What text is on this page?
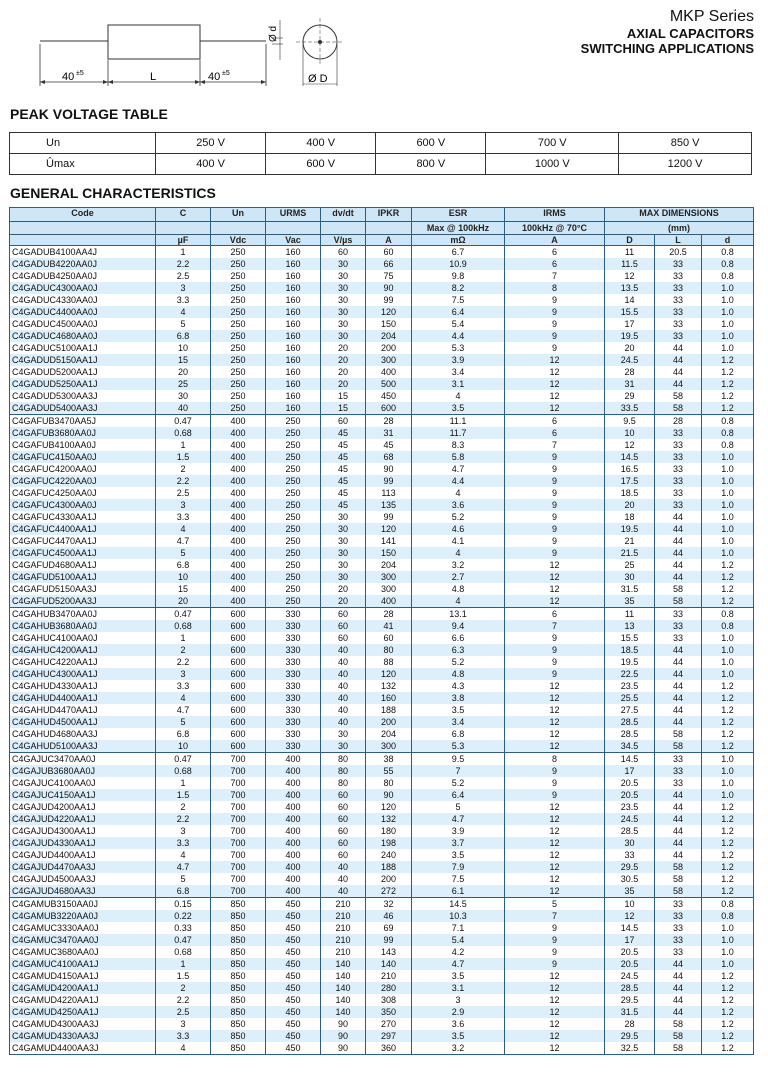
MKP Series
AXIAL CAPACITORS
SWITCHING APPLICATIONS
40 ±5	L	40 ±5
Ø d
Ø D
PEAK VOLTAGE TABLE
Un	250 V	400 V	600 V	700 V	850 V
Ûmax	400 V	600 V	800 V	1000 V	1200 V
GENERAL CHARACTERISTICS
Code	C	Un	URMS	dv/dt	IPKR	ESR	IRMS	MAX DIMENSIONS		

						Max @ 100kHz	100kHz @ 70°C	(mm)		
	µF	Vdc	Vac	V/µs	A	mΩ	A	D	L	d
C4GADUB4100AA4J	1	250	160	60	60	6.7	6	11	20.5	0.8
C4GADUB4220AA0J	2.2	250	160	30	66	10.9	6	11.5	33	0.8
C4GADUB4250AA0J	2.5	250	160	30	75	9.8	7	12	33	0.8
C4GADUC4300AA0J	3	250	160	30	90	8.2	8	13.5	33	1.0
C4GADUC4330AA0J	3.3	250	160	30	99	7.5	9	14	33	1.0
C4GADUC4400AA0J	4	250	160	30	120	6.4	9	15.5	33	1.0
C4GADUC4500AA0J	5	250	160	30	150	5.4	9	17	33	1.0
C4GADUC4680AA0J	6.8	250	160	30	204	4.4	9	19.5	33	1.0
C4GADUC5100AA1J	10	250	160	20	200	5.3	9	20	44	1.0
C4GADUD5150AA1J	15	250	160	20	300	3.9	12	24.5	44	1.2
C4GADUD5200AA1J	20	250	160	20	400	3.4	12	28	44	1.2
C4GADUD5250AA1J	25	250	160	20	500	3.1	12	31	44	1.2
C4GADUD5300AA3J	30	250	160	15	450	4	12	29	58	1.2
C4GADUD5400AA3J	40	250	160	15	600	3.5	12	33.5	58	1.2
C4GAFUB3470AA5J	0.47	400	250	60	28	11.1	6	9.5	28	0.8
C4GAFUB3680AA0J	0.68	400	250	45	31	11.7	6	10	33	0.8
C4GAFUB4100AA0J	1	400	250	45	45	8.3	7	12	33	0.8
C4GAFUC4150AA0J	1.5	400	250	45	68	5.8	9	14.5	33	1.0
C4GAFUC4200AA0J	2	400	250	45	90	4.7	9	16.5	33	1.0
C4GAFUC4220AA0J	2.2	400	250	45	99	4.4	9	17.5	33	1.0
C4GAFUC4250AA0J	2.5	400	250	45	113	4	9	18.5	33	1.0
C4GAFUC4300AA0J	3	400	250	45	135	3.6	9	20	33	1.0
C4GAFUC4330AA1J	3.3	400	250	30	99	5.2	9	18	44	1.0
C4GAFUC4400AA1J	4	400	250	30	120	4.6	9	19.5	44	1.0
C4GAFUC4470AA1J	4.7	400	250	30	141	4.1	9	21	44	1.0
C4GAFUC4500AA1J	5	400	250	30	150	4	9	21.5	44	1.0
C4GAFUD4680AA1J	6.8	400	250	30	204	3.2	12	25	44	1.2
C4GAFUD5100AA1J	10	400	250	30	300	2.7	12	30	44	1.2
C4GAFUD5150AA3J	15	400	250	20	300	4.8	12	31.5	58	1.2
C4GAFUD5200AA3J	20	400	250	20	400	4	12	35	58	1.2
C4GAHUB3470AA0J	0.47	600	330	60	28	13.1	6	11	33	0.8
C4GAHUB3680AA0J	0.68	600	330	60	41	9.4	7	13	33	0.8
C4GAHUC4100AA0J	1	600	330	60	60	6.6	9	15.5	33	1.0
C4GAHUC4200AA1J	2	600	330	40	80	6.3	9	18.5	44	1.0
C4GAHUC4220AA1J	2.2	600	330	40	88	5.2	9	19.5	44	1.0
C4GAHUC4300AA1J	3	600	330	40	120	4.8	9	22.5	44	1.0
C4GAHUD4330AA1J	3.3	600	330	40	132	4.3	12	23.5	44	1.2
C4GAHUD4400AA1J	4	600	330	40	160	3.8	12	25.5	44	1.2
C4GAHUD4470AA1J	4.7	600	330	40	188	3.5	12	27.5	44	1.2
C4GAHUD4500AA1J	5	600	330	40	200	3.4	12	28.5	44	1.2
C4GAHUD4680AA3J	6.8	600	330	30	204	6.8	12	28.5	58	1.2
C4GAHUD5100AA3J	10	600	330	30	300	5.3	12	34.5	58	1.2
C4GAJUC3470AA0J	0.47	700	400	80	38	9.5	8	14.5	33	1.0
C4GAJUB3680AA0J	0.68	700	400	80	55	7	9	17	33	1.0
C4GAJUC4100AA0J	1	700	400	80	80	5.2	9	20.5	33	1.0
C4GAJUC4150AA1J	1.5	700	400	60	90	6.4	9	20.5	44	1.0
C4GAJUD4200AA1J	2	700	400	60	120	5	12	23.5	44	1.2
C4GAJUD4220AA1J	2.2	700	400	60	132	4.7	12	24.5	44	1.2
C4GAJUD4300AA1J	3	700	400	60	180	3.9	12	28.5	44	1.2
C4GAJUD4330AA1J	3.3	700	400	60	198	3.7	12	30	44	1.2
C4GAJUD4400AA1J	4	700	400	60	240	3.5	12	33	44	1.2
C4GAJUD4470AA3J	4.7	700	400	40	188	7.9	12	29.5	58	1.2
C4GAJUD4500AA3J	5	700	400	40	200	7.5	12	30.5	58	1.2
C4GAJUD4680AA3J	6.8	700	400	40	272	6.1	12	35	58	1.2
C4GAMUB3150AA0J	0.15	850	450	210	32	14.5	5	10	33	0.8
C4GAMUB3220AA0J	0.22	850	450	210	46	10.3	7	12	33	0.8
C4GAMUC3330AA0J	0.33	850	450	210	69	7.1	9	14.5	33	1.0
C4GAMUC3470AA0J	0.47	850	450	210	99	5.4	9	17	33	1.0
C4GAMUC3680AA0J	0.68	850	450	210	143	4.2	9	20.5	33	1.0
C4GAMUC4100AA1J	1	850	450	140	140	4.7	9	20.5	44	1.0
C4GAMUD4150AA1J	1.5	850	450	140	210	3.5	12	24.5	44	1.2
C4GAMUD4200AA1J	2	850	450	140	280	3.1	12	28.5	44	1.2
C4GAMUD4220AA1J	2.2	850	450	140	308	3	12	29.5	44	1.2
C4GAMUD4250AA1J	2.5	850	450	140	350	2.9	12	31.5	44	1.2
C4GAMUD4300AA3J	3	850	450	90	270	3.6	12	28	58	1.2
C4GAMUD4330AA3J	3.3	850	450	90	297	3.5	12	29.5	58	1.2
C4GAMUD4400AA3J	4	850	450	90	360	3.2	12	32.5	58	1.2
